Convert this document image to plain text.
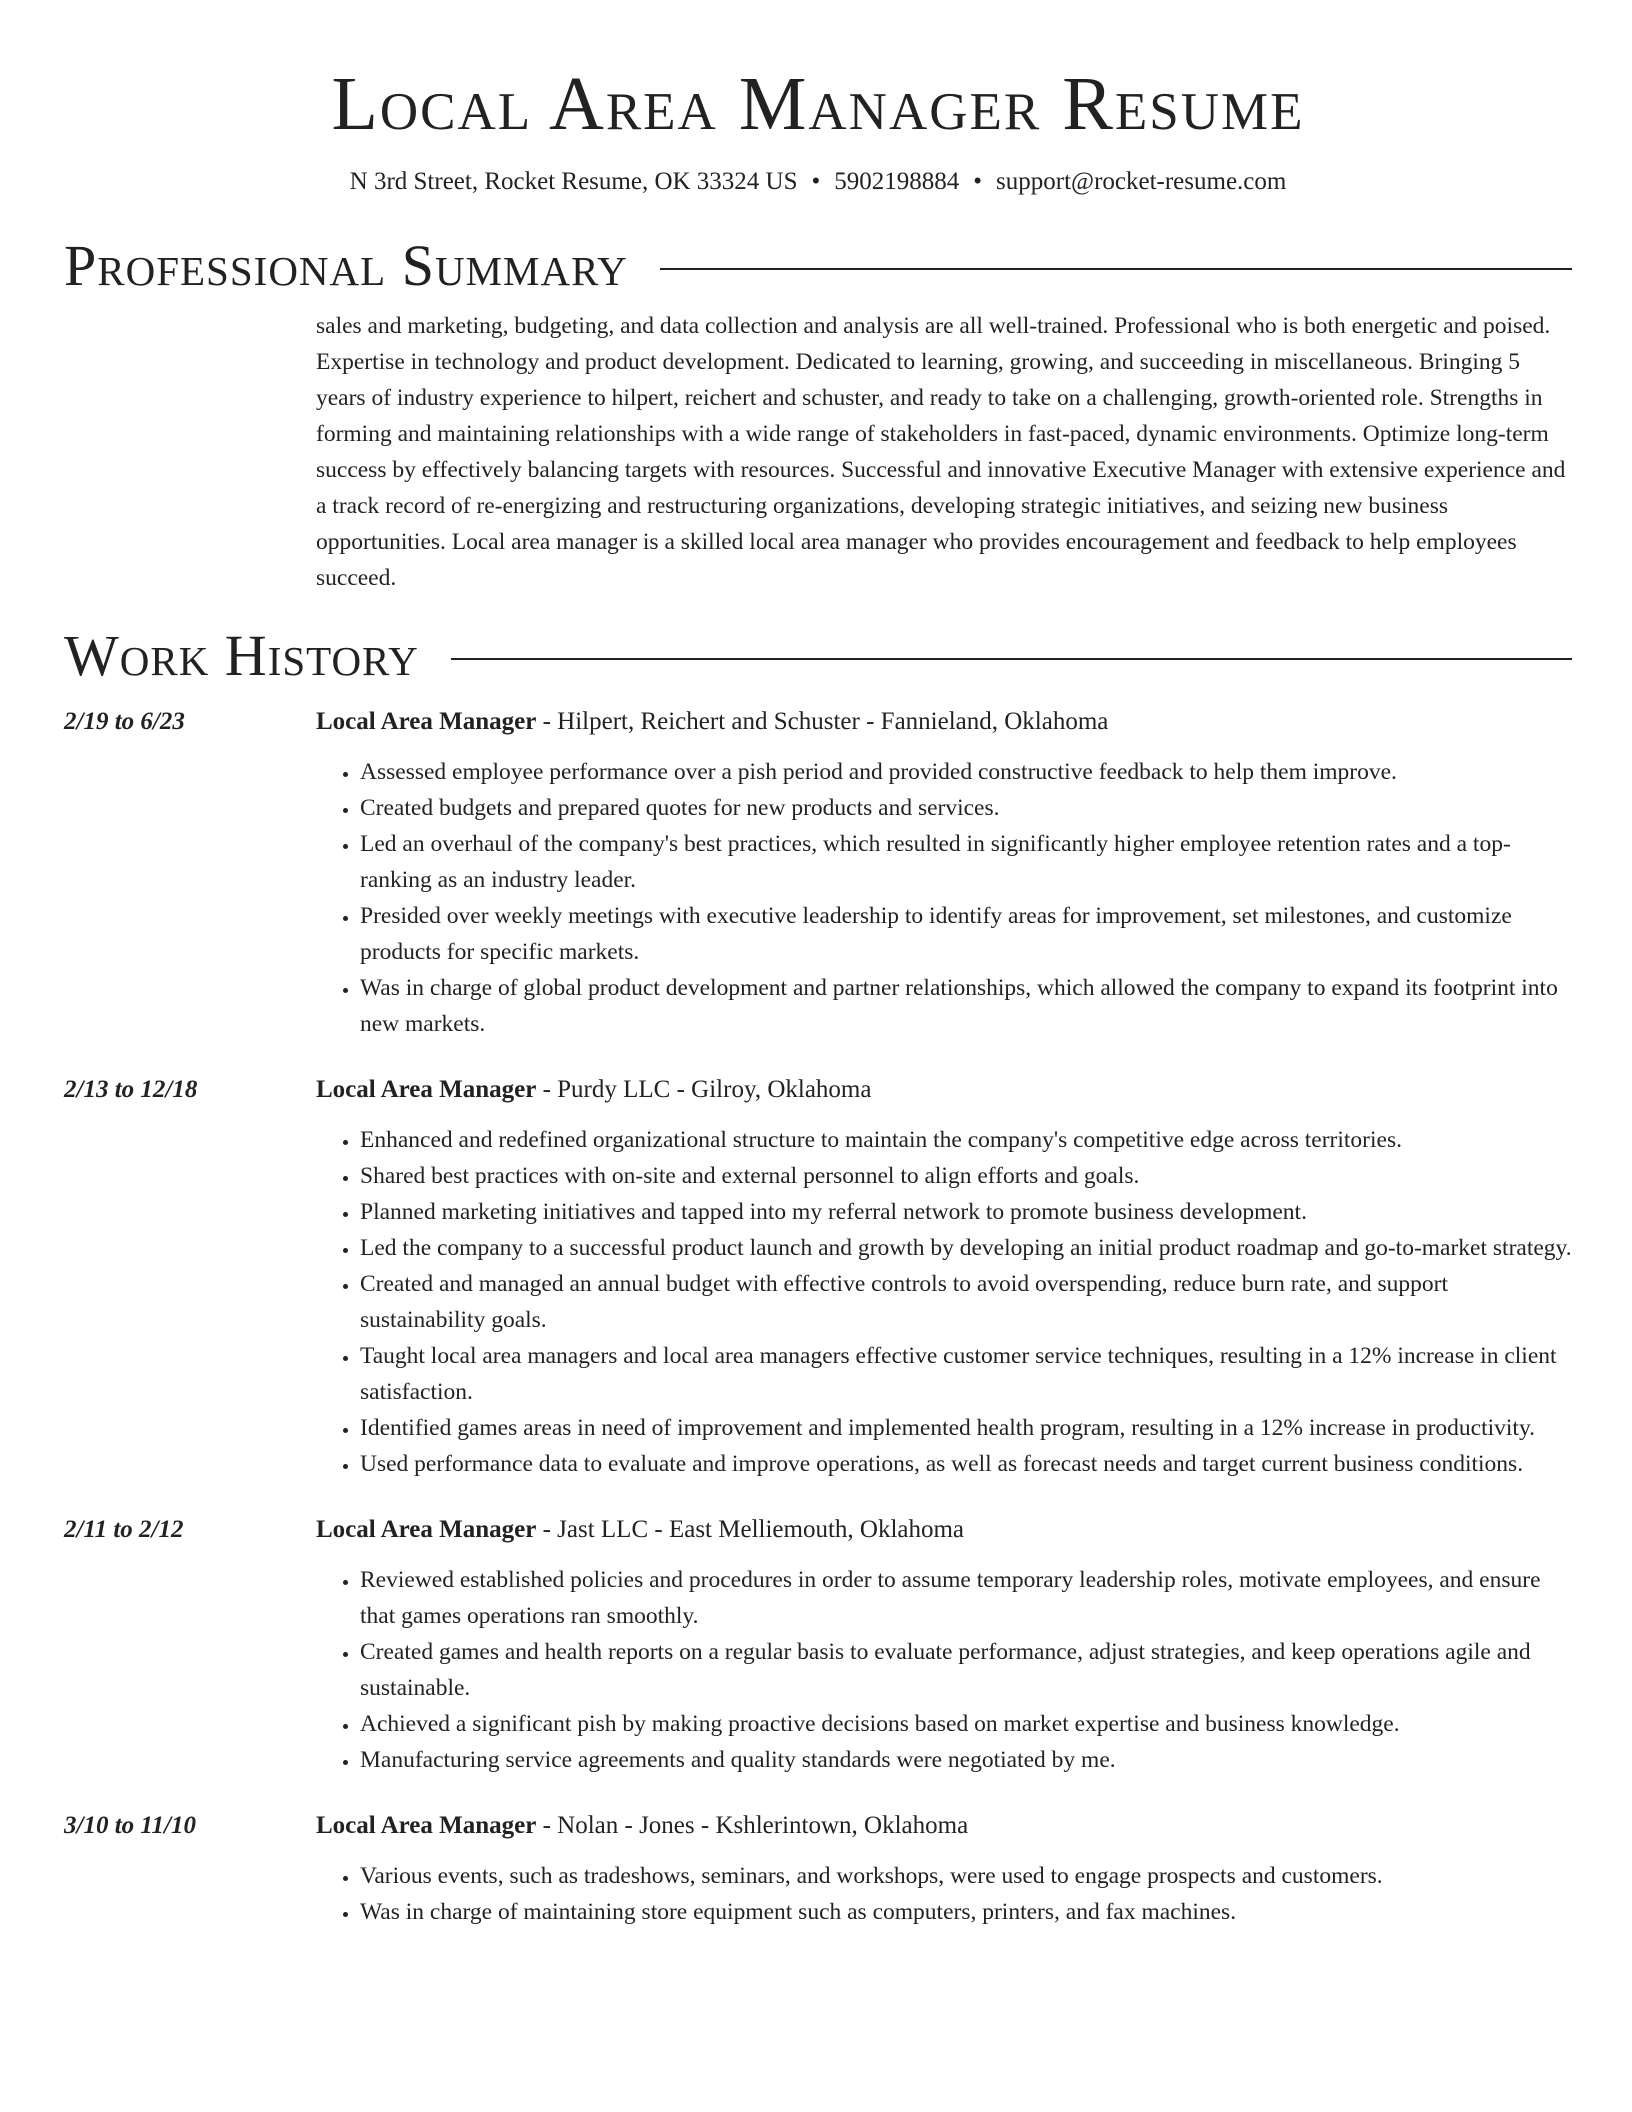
Local Area Manager Resume
N 3rd Street, Rocket Resume, OK 33324 US • 5902198884 • support@rocket-resume.com
Professional Summary
sales and marketing, budgeting, and data collection and analysis are all well-trained. Professional who is both energetic and poised. Expertise in technology and product development. Dedicated to learning, growing, and succeeding in miscellaneous. Bringing 5 years of industry experience to hilpert, reichert and schuster, and ready to take on a challenging, growth-oriented role. Strengths in forming and maintaining relationships with a wide range of stakeholders in fast-paced, dynamic environments. Optimize long-term success by effectively balancing targets with resources. Successful and innovative Executive Manager with extensive experience and a track record of re-energizing and restructuring organizations, developing strategic initiatives, and seizing new business opportunities. Local area manager is a skilled local area manager who provides encouragement and feedback to help employees succeed.
Work History
2/19 to 6/23	Local Area Manager - Hilpert, Reichert and Schuster - Fannieland, Oklahoma
• Assessed employee performance over a pish period and provided constructive feedback to help them improve.
• Created budgets and prepared quotes for new products and services.
• Led an overhaul of the company's best practices, which resulted in significantly higher employee retention rates and a top-ranking as an industry leader.
• Presided over weekly meetings with executive leadership to identify areas for improvement, set milestones, and customize products for specific markets.
• Was in charge of global product development and partner relationships, which allowed the company to expand its footprint into new markets.
2/13 to 12/18	Local Area Manager - Purdy LLC - Gilroy, Oklahoma
• Enhanced and redefined organizational structure to maintain the company's competitive edge across territories.
• Shared best practices with on-site and external personnel to align efforts and goals.
• Planned marketing initiatives and tapped into my referral network to promote business development.
• Led the company to a successful product launch and growth by developing an initial product roadmap and go-to-market strategy.
• Created and managed an annual budget with effective controls to avoid overspending, reduce burn rate, and support sustainability goals.
• Taught local area managers and local area managers effective customer service techniques, resulting in a 12% increase in client satisfaction.
• Identified games areas in need of improvement and implemented health program, resulting in a 12% increase in productivity.
• Used performance data to evaluate and improve operations, as well as forecast needs and target current business conditions.
2/11 to 2/12	Local Area Manager - Jast LLC - East Melliemouth, Oklahoma
• Reviewed established policies and procedures in order to assume temporary leadership roles, motivate employees, and ensure that games operations ran smoothly.
• Created games and health reports on a regular basis to evaluate performance, adjust strategies, and keep operations agile and sustainable.
• Achieved a significant pish by making proactive decisions based on market expertise and business knowledge.
• Manufacturing service agreements and quality standards were negotiated by me.
3/10 to 11/10	Local Area Manager - Nolan - Jones - Kshlerintown, Oklahoma
• Various events, such as tradeshows, seminars, and workshops, were used to engage prospects and customers.
• Was in charge of maintaining store equipment such as computers, printers, and fax machines.
